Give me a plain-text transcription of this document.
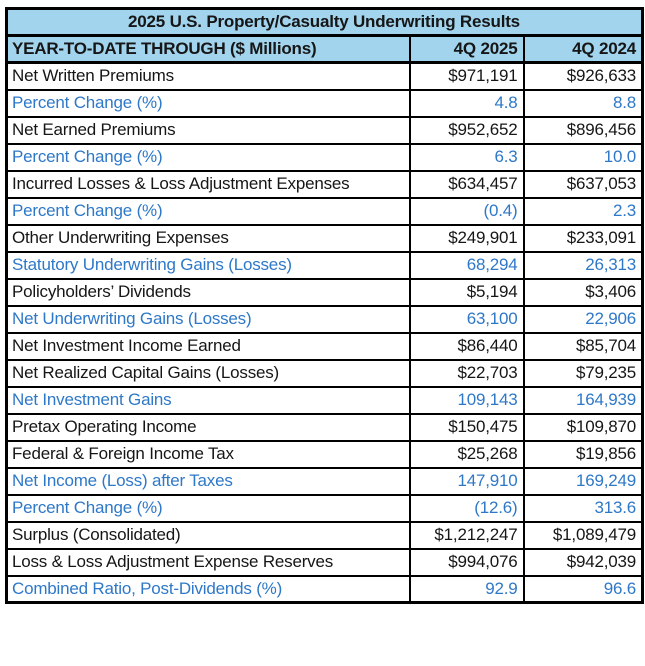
2025 U.S. Property/Casualty Underwriting Results		
YEAR-TO-DATE THROUGH ($ Millions)	4Q 2025	4Q 2024
Net Written Premiums	$971,191	$926,633
Percent Change (%)	4.8	8.8
Net Earned Premiums	$952,652	$896,456
Percent Change (%)	6.3	10.0
Incurred Losses & Loss Adjustment Expenses	$634,457	$637,053
Percent Change (%)	(0.4)	2.3
Other Underwriting Expenses	$249,901	$233,091
Statutory Underwriting Gains (Losses)	68,294	26,313
Policyholders’ Dividends	$5,194	$3,406
Net Underwriting Gains (Losses)	63,100	22,906
Net Investment Income Earned	$86,440	$85,704
Net Realized Capital Gains (Losses)	$22,703	$79,235
Net Investment Gains	109,143	164,939
Pretax Operating Income	$150,475	$109,870
Federal & Foreign Income Tax	$25,268	$19,856
Net Income (Loss) after Taxes	147,910	169,249
Percent Change (%)	(12.6)	313.6
Surplus (Consolidated)	$1,212,247	$1,089,479
Loss & Loss Adjustment Expense Reserves	$994,076	$942,039
Combined Ratio, Post-Dividends (%)	92.9	96.6
